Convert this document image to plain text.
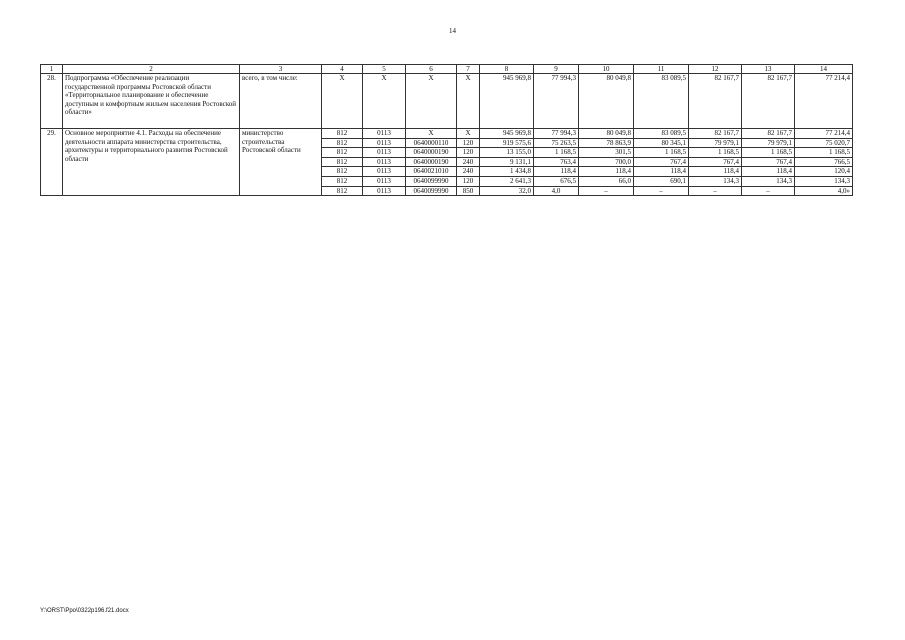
14
1	2	3	4	5	6	7	8	9	10	11	12	13	14
28.	Подпрограмма «Обеспечение реализации государственной программы Ростовской области «Территориальное планирование и обеспечение доступным и комфортным жильем населения Ростовской области»	всего, в том числе:	Х	Х	Х	Х	945 969,8	77 994,3	80 049,8	83 089,5	82 167,7	82 167,7	77 214,4
29.	Основное мероприятие 4.1. Расходы на обеспечение деятельности аппарата министерства строительства, архитектуры и территориального развития Ростовской области	министерство строительства Ростовской области	812	0113	Х	Х	945 969,8	77 994,3	80 049,8	83 089,5	82 167,7	82 167,7	77 214,4
			812	0113	0640000110	120	919 575,6	75 263,5	78 863,9	80 345,1	79 979,1	79 979,1	75 020,7
			812	0113	0640000190	120	13 155,0	1 168,5	301,5	1 168,5	1 168,5	1 168,5	1 168,5
			812	0113	0640000190	240	9 131,1	763,4	700,0	767,4	767,4	767,4	766,5
			812	0113	0640021010	240	1 434,8	118,4	118,4	118,4	118,4	118,4	120,4
			812	0113	0640099990	120	2 641,3	676,5	66,0	690,1	134,3	134,3	134,3
			812	0113	0640099990	850	32,0	4,0	–	–	–	–	4,0»
Y:\ORST\Ppo\0322p196.f21.docx
